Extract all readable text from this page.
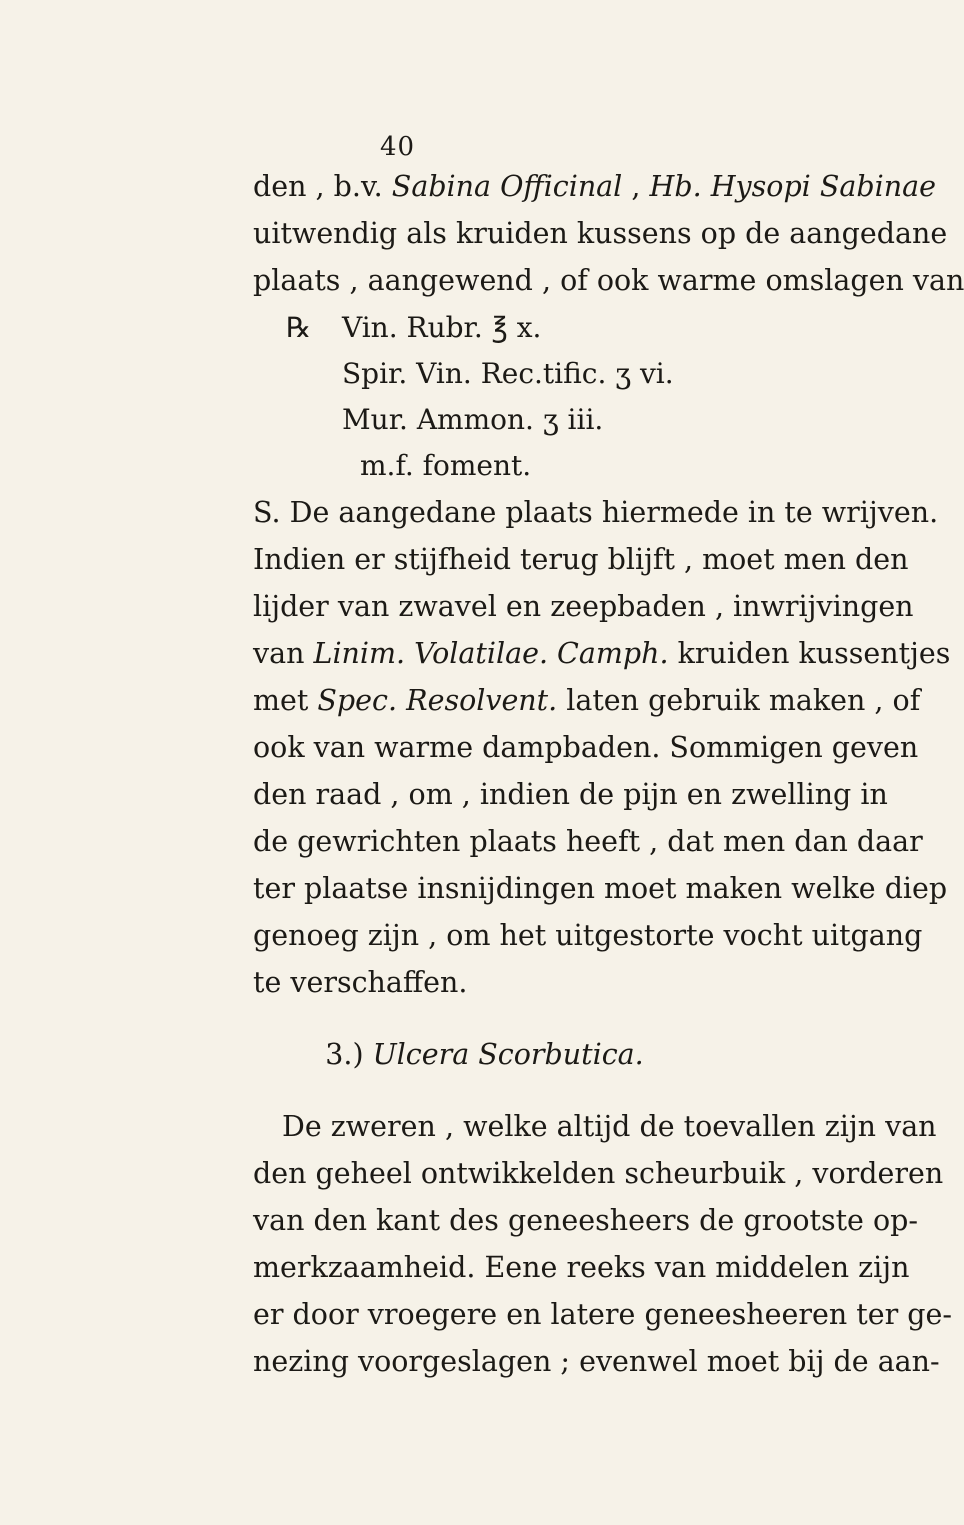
40
den , b.v. Sabina Officinal , Hb. Hysopi Sabinae
uitwendig als kruiden kussens op de aangedane
plaats , aangewend , of ook warme omslagen van
℞ Vin. Rubr. ℥ x.
Spir. Vin. Rec.tific. ʒ vi.
Mur. Ammon. ʒ iii.
m.f. foment.
S. De aangedane plaats hiermede in te wrijven.
Indien er stijfheid terug blijft , moet men den
lijder van zwavel en zeepbaden , inwrijvingen
van Linim. Volatilae. Camph. kruiden kussentjes
met Spec. Resolvent. laten gebruik maken , of
ook van warme dampbaden. Sommigen geven
den raad , om , indien de pijn en zwelling in
de gewrichten plaats heeft , dat men dan daar
ter plaatse insnijdingen moet maken welke diep
genoeg zijn , om het uitgestorte vocht uitgang
te verschaffen.
3.) Ulcera Scorbutica.
De zweren , welke altijd de toevallen zijn van
den geheel ontwikkelden scheurbuik , vorderen
van den kant des geneesheers de grootste op-
merkzaamheid. Eene reeks van middelen zijn
er door vroegere en latere geneesheeren ter ge-
nezing voorgeslagen ; evenwel moet bij de aan-
